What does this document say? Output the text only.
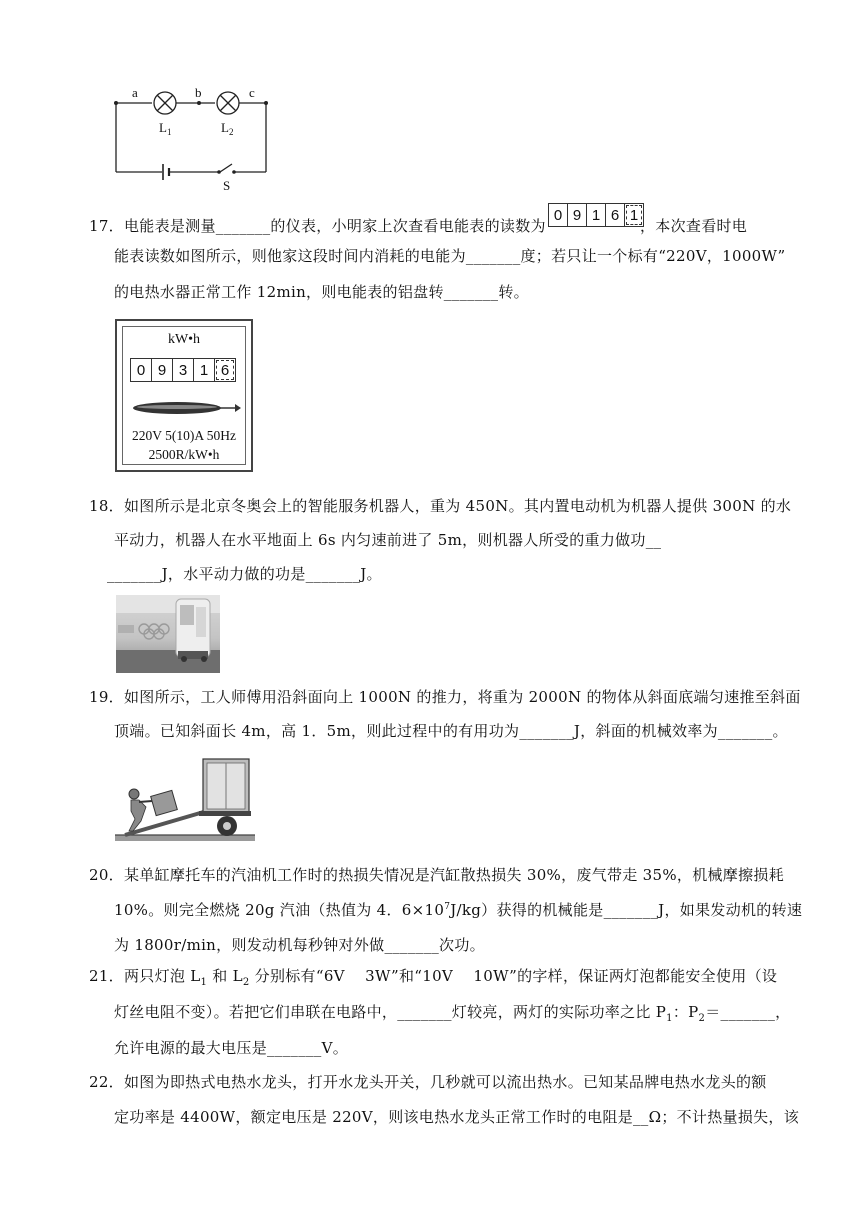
a	b	c
$L_1$	$L_2$
S
17．电能表是测量_______的仪表，小明家上次查看电能表的读数为
0 9 1 6 1
，本次查看时电
能表读数如图所示，则他家这段时间内消耗的电能为_______度；若只让一个标有“220V，1000W”
的电热水器正常工作 12min，则电能表的铝盘转_______转。
kW•h
0 9 3 1 6
220V 5(10)A 50Hz
2500R/kW•h
18．如图所示是北京冬奥会上的智能服务机器人，重为 450N。其内置电动机为机器人提供 300N 的水
平动力，机器人在水平地面上 6s 内匀速前进了 5m，则机器人所受的重力做功__
_______J，水平动力做的功是_______J。
19．如图所示，工人师傅用沿斜面向上 1000N 的推力，将重为 2000N 的物体从斜面底端匀速推至斜面
顶端。已知斜面长 4m，高 1．5m，则此过程中的有用功为_______J，斜面的机械效率为_______。
20．某单缸摩托车的汽油机工作时的热损失情况是汽缸散热损失 30%，废气带走 35%，机械摩擦损耗
10%。则完全燃烧 20g 汽油（热值为 4．$6\times 10^7J/kg$）获得的机械能是_______J，如果发动机的转速
为 1800r/min，则发动机每秒钟对外做_______次功。
21．两只灯泡 $L_1$ 和 $L_2$ 分别标有“6V　 3W”和“10V　 10W”的字样，保证两灯泡都能安全使用（设
灯丝电阻不变）。若把它们串联在电路中，_______灯较亮，两灯的实际功率之比 $P_1$：$P_2=\_\_\_\_\_\_\_$，
允许电源的最大电压是_______V。
22．如图为即热式电热水龙头，打开水龙头开关，几秒就可以流出热水。已知某品牌电热水龙头的额
定功率是 4400W，额定电压是 220V，则该电热水龙头正常工作时的电阻是__Ω；不计热量损失，该
